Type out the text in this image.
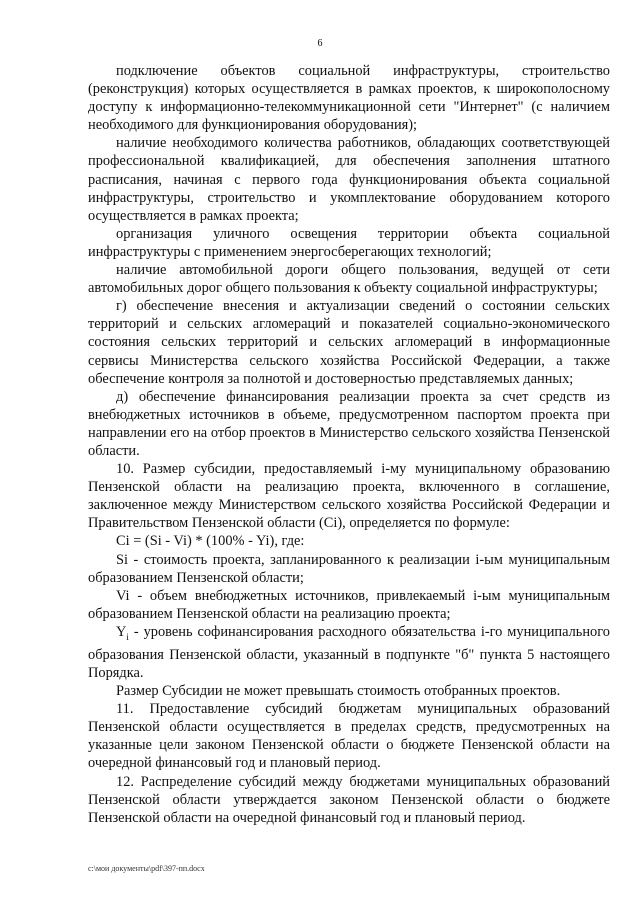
6

подключение объектов социальной инфраструктуры, строительство (реконструкция) которых осуществляется в рамках проектов, к широкополосному доступу к информационно-телекоммуникационной сети "Интернет" (с наличием необходимого для функционирования оборудования);

наличие необходимого количества работников, обладающих соответствующей профессиональной квалификацией, для обеспечения заполнения штатного расписания, начиная с первого года функционирования объекта социальной инфраструктуры, строительство и укомплектование оборудованием которого осуществляется в рамках проекта;

организация уличного освещения территории объекта социальной инфраструктуры с применением энергосберегающих технологий;

наличие автомобильной дороги общего пользования, ведущей от сети автомобильных дорог общего пользования к объекту социальной инфраструктуры;

г) обеспечение внесения и актуализации сведений о состоянии сельских территорий и сельских агломераций и показателей социально-экономического состояния сельских территорий и сельских агломераций в информационные сервисы Министерства сельского хозяйства Российской Федерации, а также обеспечение контроля за полнотой и достоверностью представляемых данных;

д) обеспечение финансирования реализации проекта за счет средств из внебюджетных источников в объеме, предусмотренном паспортом проекта при направлении его на отбор проектов в Министерство сельского хозяйства Пензенской области.

10. Размер субсидии, предоставляемый i-му муниципальному образованию Пензенской области на реализацию проекта, включенного в соглашение, заключенное между Министерством сельского хозяйства Российской Федерации и Правительством Пензенской области (Ci), определяется по формуле:

Ci = (Si - Vi) * (100% - Yi), где:

Si - стоимость проекта, запланированного к реализации i-ым муниципальным образованием Пензенской области;

Vi - объем внебюджетных источников, привлекаемый i-ым муниципальным образованием Пензенской области на реализацию проекта;

$Y_i$ - уровень софинансирования расходного обязательства i-го муниципального образования Пензенской области, указанный в подпункте "б" пункта 5 настоящего Порядка.

Размер Субсидии не может превышать стоимость отобранных проектов.

11. Предоставление субсидий бюджетам муниципальных образований Пензенской области осуществляется в пределах средств, предусмотренных на указанные цели законом Пензенской области о бюджете Пензенской области на очередной финансовый год и плановый период.

12. Распределение субсидий между бюджетами муниципальных образований Пензенской области утверждается законом Пензенской области о бюджете Пензенской области на очередной финансовый год и плановый период.

c:\мои документы\pdf\397-пп.docx
